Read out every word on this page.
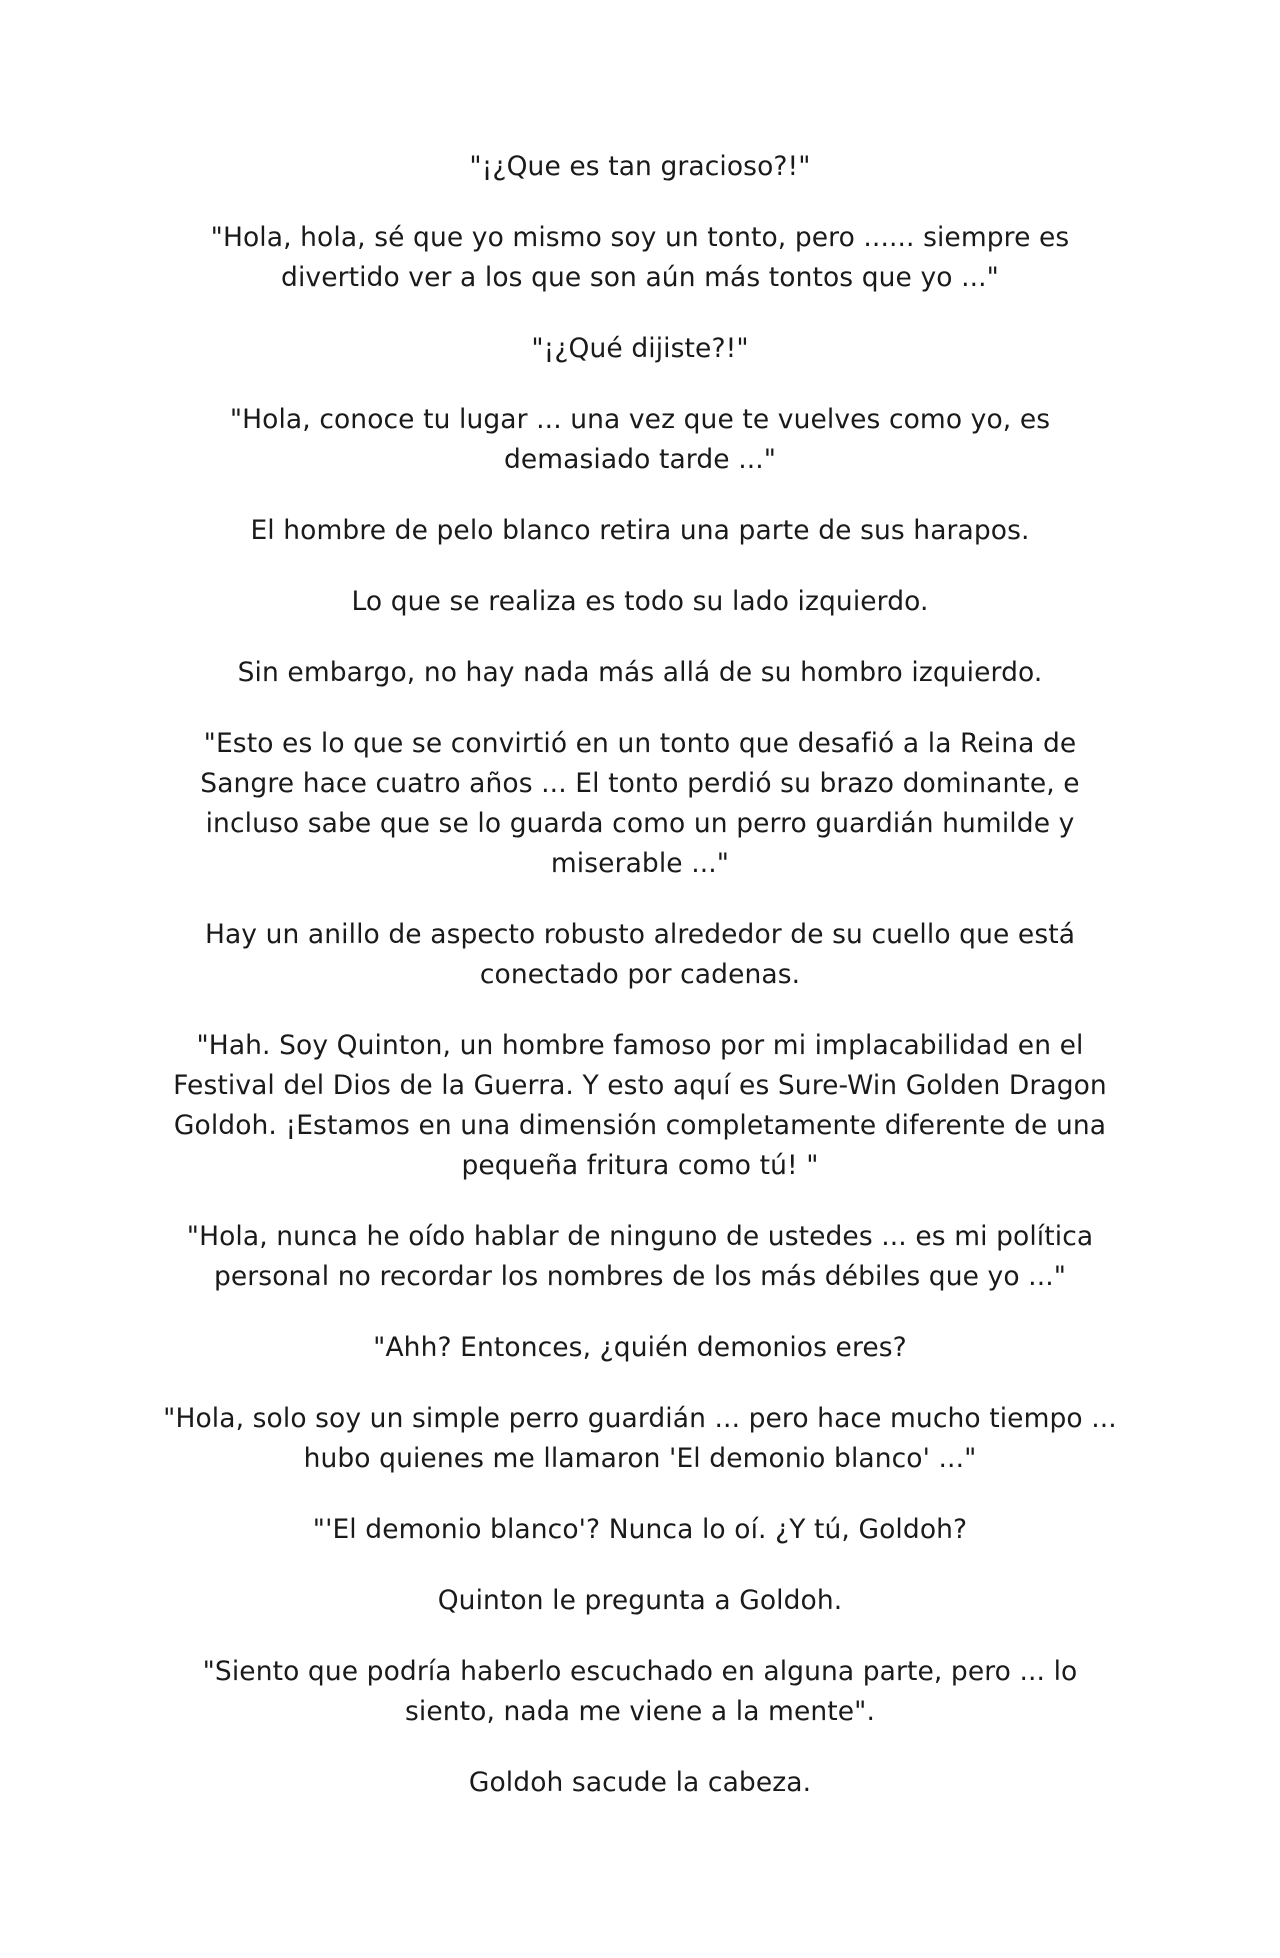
"¡¿Que es tan gracioso?!"

"Hola, hola, sé que yo mismo soy un tonto, pero ...... siempre es divertido ver a los que son aún más tontos que yo ..."

"¡¿Qué dijiste?!"

"Hola, conoce tu lugar ... una vez que te vuelves como yo, es demasiado tarde ..."

El hombre de pelo blanco retira una parte de sus harapos.

Lo que se realiza es todo su lado izquierdo.

Sin embargo, no hay nada más allá de su hombro izquierdo.

"Esto es lo que se convirtió en un tonto que desafió a la Reina de Sangre hace cuatro años ... El tonto perdió su brazo dominante, e incluso sabe que se lo guarda como un perro guardián humilde y miserable ..."

Hay un anillo de aspecto robusto alrededor de su cuello que está conectado por cadenas.

"Hah. Soy Quinton, un hombre famoso por mi implacabilidad en el Festival del Dios de la Guerra. Y esto aquí es Sure-Win Golden Dragon Goldoh. ¡Estamos en una dimensión completamente diferente de una pequeña fritura como tú! "

"Hola, nunca he oído hablar de ninguno de ustedes ... es mi política personal no recordar los nombres de los más débiles que yo ..."

"Ahh? Entonces, ¿quién demonios eres?

"Hola, solo soy un simple perro guardián ... pero hace mucho tiempo ... hubo quienes me llamaron 'El demonio blanco' ..."

"'El demonio blanco'? Nunca lo oí. ¿Y tú, Goldoh?

Quinton le pregunta a Goldoh.

"Siento que podría haberlo escuchado en alguna parte, pero ... lo siento, nada me viene a la mente".

Goldoh sacude la cabeza.
